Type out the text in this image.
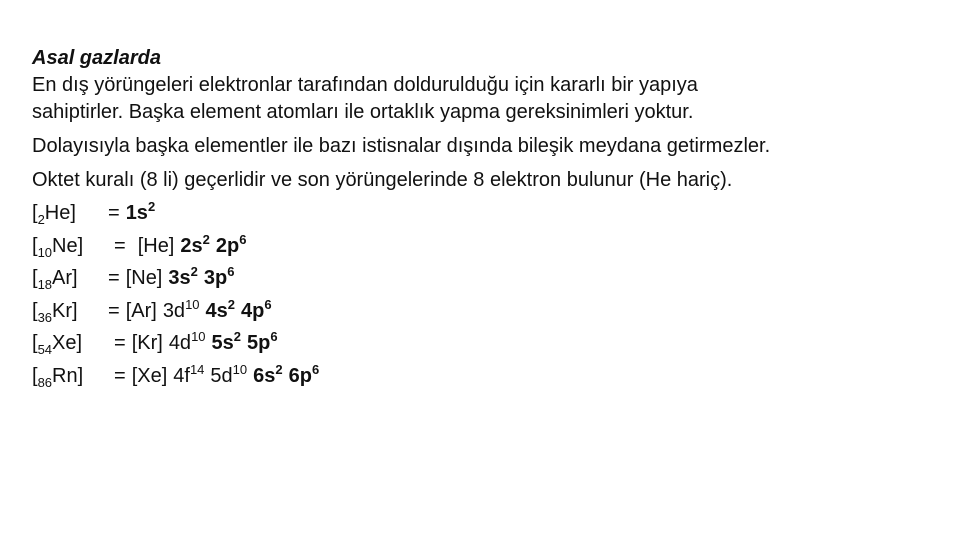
Asal gazlarda

En dış yörüngeleri elektronlar tarafından doldurulduğu için kararlı bir yapıya

sahiptirler. Başka element atomları ile ortaklık yapma gereksinimleri yoktur.

Dolayısıyla başka elementler ile bazı istisnalar dışında bileşik meydana getirmezler.

Oktet kuralı (8 li) geçerlidir ve son yörüngelerinde 8 elektron bulunur (He hariç).

$[_2He]$	= $1s^2$
$[_{10}Ne]$	= [He] $2s^2$ $2p^6$
$[_{18}Ar]$	= [Ne] $3s^2$ $3p^6$
$[_{36}Kr]$	= [Ar] $3d^{10}$ $4s^2$ $4p^6$
$[_{54}Xe]$	= [Kr] $4d^{10}$ $5s^2$ $5p^6$
$[_{86}Rn]$	= [Xe] $4f^{14}$ $5d^{10}$ $6s^2$ $6p^6$
